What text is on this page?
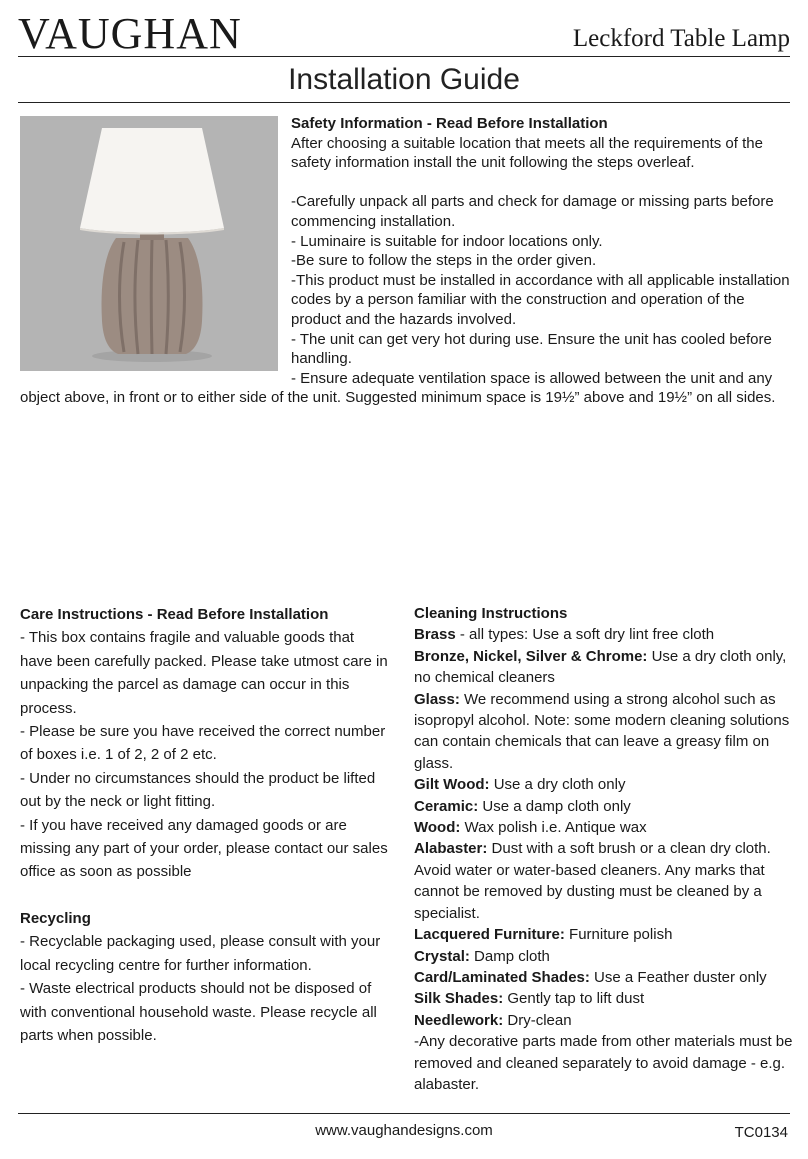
VAUGHAN	Leckford Table Lamp
Installation Guide

Safety Information - Read Before Installation

After choosing a suitable location that meets all the requirements of the safety information install the unit following the steps overleaf.

-Carefully unpack all parts and check for damage or missing parts before commencing installation.

- Luminaire is suitable for indoor locations only.

-Be sure to follow the steps in the order given.

-This product must be installed in accordance with all applicable installation codes by a person familiar with the construction and operation of the product and the hazards involved.

- The unit can get very hot during use. Ensure the unit has cooled before handling.

- Ensure adequate ventilation space is allowed between the unit and any object above, in front or to either side of the unit. Suggested minimum space is 19½” above and 19½” on all sides.

Care Instructions - Read Before Installation

- This box contains fragile and valuable goods that have been carefully packed. Please take utmost care in unpacking the parcel as damage can occur in this process.

- Please be sure you have received the correct number of boxes i.e. 1 of 2, 2 of 2 etc.

- Under no circumstances should the product be lifted out by the neck or light fitting.

- If you have received any damaged goods or are missing any part of your order, please contact our sales office as soon as possible

Recycling

- Recyclable packaging used, please consult with your local recycling centre for further information.

- Waste electrical products should not be disposed of with conventional household waste. Please recycle all parts when possible.

Cleaning Instructions

Brass - all types: Use a soft dry lint free cloth

Bronze, Nickel, Silver & Chrome: Use a dry cloth only, no chemical cleaners

Glass: We recommend using a strong alcohol such as isopropyl alcohol. Note: some modern cleaning solutions can contain chemicals that can leave a greasy film on glass.

Gilt Wood: Use a dry cloth only

Ceramic: Use a damp cloth only

Wood: Wax polish i.e. Antique wax

Alabaster: Dust with a soft brush or a clean dry cloth. Avoid water or water-based cleaners. Any marks that cannot be removed by dusting must be cleaned by a specialist.

Lacquered Furniture: Furniture polish

Crystal: Damp cloth

Card/Laminated Shades: Use a Feather duster only

Silk Shades: Gently tap to lift dust

Needlework: Dry-clean

-Any decorative parts made from other materials must be removed and cleaned separately to avoid damage - e.g. alabaster.

www.vaughandesigns.com	TC0134
